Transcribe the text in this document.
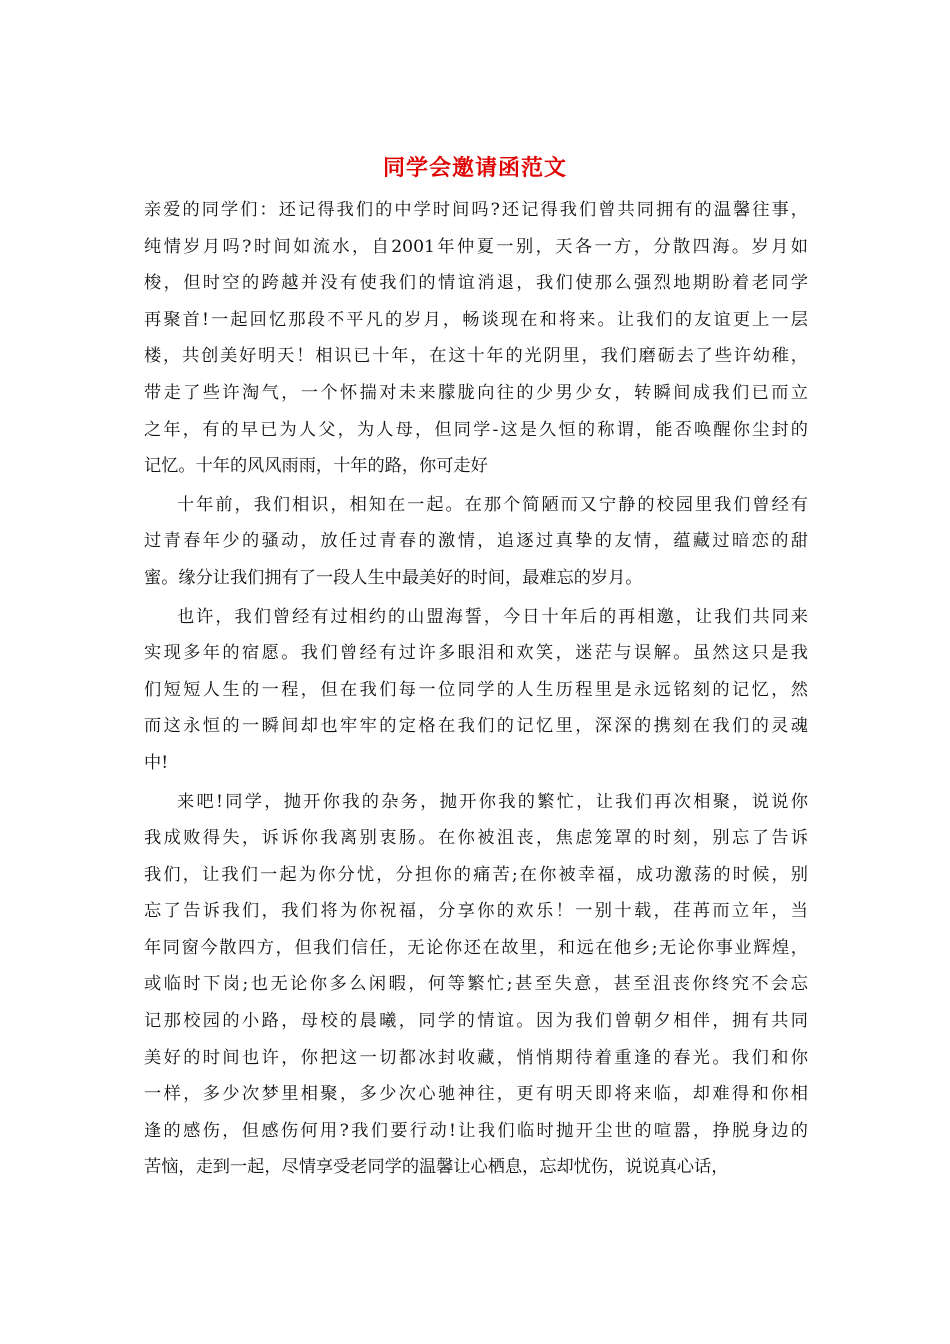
同学会邀请函范文
亲爱的同学们：还记得我们的中学时间吗?还记得我们曾共同拥有的温馨往事，
纯情岁月吗?时间如流水，自2001年仲夏一别，天各一方，分散四海。岁月如
梭，但时空的跨越并没有使我们的情谊消退，我们使那么强烈地期盼着老同学
再聚首!一起回忆那段不平凡的岁月，畅谈现在和将来。让我们的友谊更上一层
楼，共创美好明天！相识已十年，在这十年的光阴里，我们磨砺去了些许幼稚，
带走了些许淘气，一个怀揣对未来朦胧向往的少男少女，转瞬间成我们已而立
之年，有的早已为人父，为人母，但同学-这是久恒的称谓，能否唤醒你尘封的
记忆。十年的风风雨雨，十年的路，你可走好
十年前，我们相识，相知在一起。在那个简陋而又宁静的校园里我们曾经有
过青春年少的骚动，放任过青春的激情，追逐过真挚的友情，蕴藏过暗恋的甜
蜜。缘分让我们拥有了一段人生中最美好的时间，最难忘的岁月。
也许，我们曾经有过相约的山盟海誓，今日十年后的再相邀，让我们共同来
实现多年的宿愿。我们曾经有过许多眼泪和欢笑，迷茫与误解。虽然这只是我
们短短人生的一程，但在我们每一位同学的人生历程里是永远铭刻的记忆，然
而这永恒的一瞬间却也牢牢的定格在我们的记忆里，深深的携刻在我们的灵魂
中!
来吧!同学，抛开你我的杂务，抛开你我的繁忙，让我们再次相聚，说说你
我成败得失，诉诉你我离别衷肠。在你被沮丧，焦虑笼罩的时刻，别忘了告诉
我们，让我们一起为你分忧，分担你的痛苦;在你被幸福，成功激荡的时候，别
忘了告诉我们，我们将为你祝福，分享你的欢乐！一别十载，荏苒而立年，当
年同窗今散四方，但我们信任，无论你还在故里，和远在他乡;无论你事业辉煌，
或临时下岗;也无论你多么闲暇，何等繁忙;甚至失意，甚至沮丧你终究不会忘
记那校园的小路，母校的晨曦，同学的情谊。因为我们曾朝夕相伴，拥有共同
美好的时间也许，你把这一切都冰封收藏，悄悄期待着重逢的春光。我们和你
一样，多少次梦里相聚，多少次心驰神往，更有明天即将来临，却难得和你相
逢的感伤，但感伤何用?我们要行动!让我们临时抛开尘世的喧嚣，挣脱身边的
苦恼，走到一起，尽情享受老同学的温馨让心栖息，忘却忧伤，说说真心话，
